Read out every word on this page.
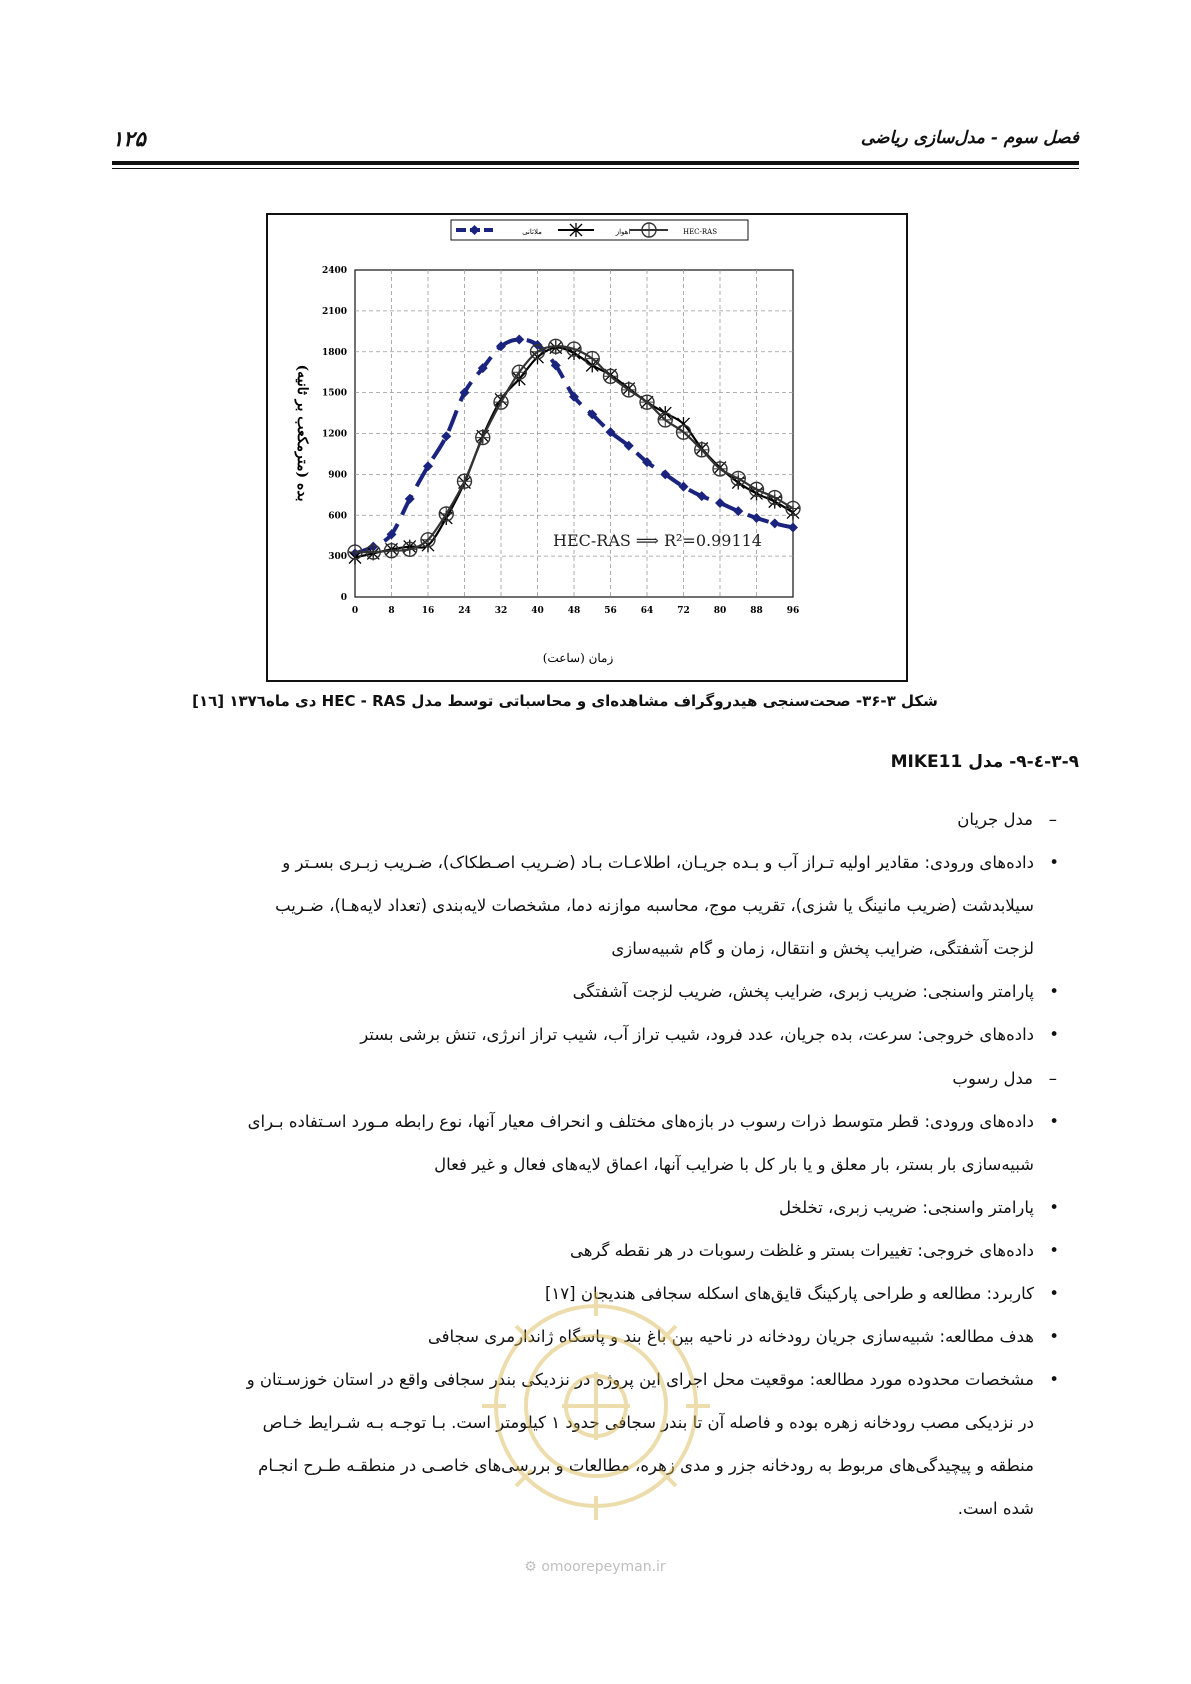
۱۲۵	فصل سوم - مدل‌سازی ریاضی
0	8	16	24	32	40	48	56	64	72	80	88	96
0
300
600
900
1200
1500
1800
2100
2400
ملاثانی	اهواز	HEC-RAS
HEC-RAS ⟹ R²=0.99114
زمان (ساعت)
بده (مترمکعب بر ثانیه)
شکل ۳-۳۶- صحت‌سنجی هیدروگراف مشاهده‌ای و محاسباتی توسط مدل HEC - RAS دی ماه۱۳۷٦ [١٦]
۳-۹-٤-۹- مدل MIKE11
–   مدل جریان
• داده‌های ورودی: مقادیر اولیه تـراز آب و بـده جریـان، اطلاعـات بـاد (ضـریب اصـطکاک)، ضـریب زبـری بسـتر و
سیلابدشت (ضریب مانینگ یا شزی)، تقریب موج، محاسبه موازنه دما، مشخصات لایه‌بندی (تعداد لایه‌هـا)، ضـریب
لزجت آشفتگی، ضرایب پخش و انتقال، زمان و گام شبیه‌سازی
• پارامتر واسنجی: ضریب زبری، ضرایب پخش، ضریب لزجت آشفتگی
• داده‌های خروجی: سرعت، بده جریان، عدد فرود، شیب تراز آب، شیب تراز انرژی، تنش برشی بستر
–   مدل رسوب
• داده‌های ورودی: قطر متوسط ذرات رسوب در بازه‌های مختلف و انحراف معیار آنها، نوع رابطه مـورد اسـتفاده بـرای
شبیه‌سازی بار بستر، بار معلق و یا بار کل با ضرایب آنها، اعماق لایه‌های فعال و غیر فعال
• پارامتر واسنجی: ضریب زبری، تخلخل
• داده‌های خروجی: تغییرات بستر و غلظت رسوبات در هر نقطه گرهی
• کاربرد: مطالعه و طراحی پارکینگ قایق‌های اسکله سجافی هندیجان [١٧]
• هدف مطالعه: شبیه‌سازی جریان رودخانه در ناحیه بین باغ بند و پاسگاه ژاندارمری سجافی
• مشخصات محدوده مورد مطالعه: موقعیت محل اجرای این پروژه در نزدیکی بندر سجافی واقع در استان خوزسـتان و
در نزدیکی مصب رودخانه زهره بوده و فاصله آن تا بندر سجافی حدود ۱ کیلومتر است. بـا توجـه بـه شـرایط خـاص
منطقه و پیچیدگی‌های مربوط به رودخانه جزر و مدی زهره، مطالعات و بررسی‌های خاصـی در منطقـه طـرح انجـام
شده است.
⚙ omoorepeyman.ir
